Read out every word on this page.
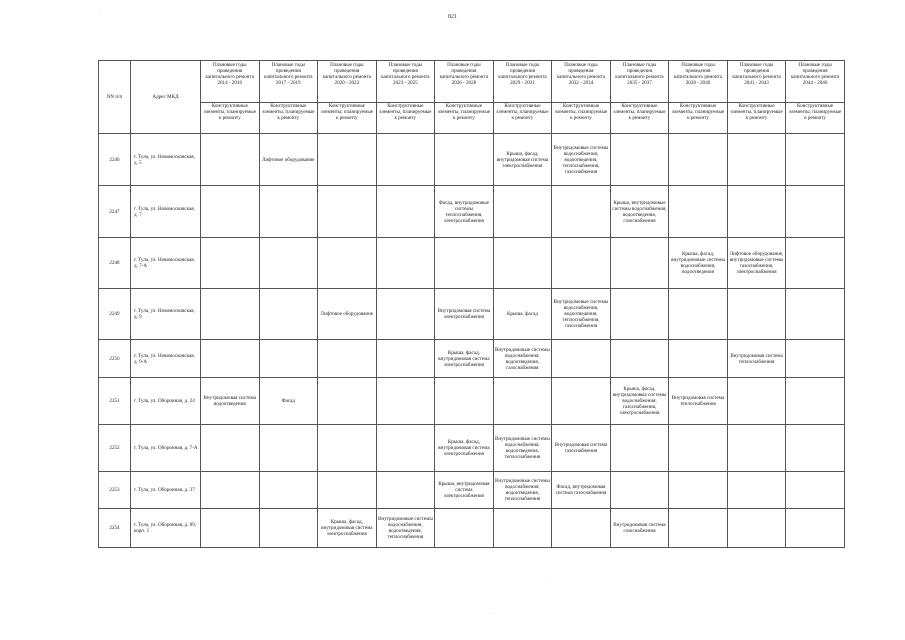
821
NN п/п	Адрес МКД	Плановые годы проведения капитального ремонта 2014 - 2016	Плановые годы проведения капитального ремонта 2017 - 2019	Плановые годы проведения капитального ремонта 2020 - 2022	Плановые годы проведения капитального ремонта 2023 - 2025	Плановые годы проведения капитального ремонта 2026 - 2028	Плановые годы проведения капитального ремонта 2029 - 2031	Плановые годы проведения капитального ремонта 2032 - 2034	Плановые годы проведения капитального ремонта 2035 - 2037	Плановые годы проведения капитального ремонта 2038 - 2040	Плановые годы проведения капитального ремонта 2041 - 2043	Плановые годы проведения капитального ремонта 2044 - 2046
		Конструктивные элементы, планируемые к ремонту	Конструктивные элементы, планируемые к ремонту	Конструктивные элементы, планируемые к ремонту	Конструктивные элементы, планируемые к ремонту	Конструктивные элементы, планируемые к ремонту	Конструктивные элементы, планируемые к ремонту	Конструктивные элементы, планируемые к ремонту	Конструктивные элементы, планируемые к ремонту	Конструктивные элементы, планируемые к ремонту	Конструктивные элементы, планируемые к ремонту	Конструктивные элементы, планируемые к ремонту
2246	г. Тула, ул. Новомосковская, д. 5		Лифтовое оборудование				Крыша, фасад, внутридомовая система электроснабжения	Внутридомовые системы водоснабжения, водоотведения, теплоснабжения, газоснабжения				
2247	г. Тула, ул. Новомосковская, д. 7					Фасад, внутридомовые системы теплоснабжения, электроснабжения			Крыша, внутридомовые системы водоснабжения, водоотведения, газоснабжения			
2248	г. Тула, ул. Новомосковская, д. 7-А									Крыша, фасад, внутридомовые системы водоснабжения, водоотведения	Лифтовое оборудование, внутридомовые системы газоснабжения, электроснабжения	
2249	г. Тула, ул. Новомосковская, д. 9			Лифтовое оборудование		Внутридомовая система электроснабжения	Крыша, фасад	Внутридомовые системы водоснабжения, водоотведения, теплоснабжения, газоснабжения				
2250	г. Тула, ул. Новомосковская, д. 9-А					Крыша, фасад, внутридомовая система электроснабжения	Внутридомовые системы водоснабжения, водоотведения, газоснабжения				Внутридомовая система теплоснабжения	
2251	г. Тула, ул. Оборонная, д. 24	Внутридомовая система водоотведения	Фасад						Крыша, фасад, внутридомовые системы водоснабжения, газоснабжения, электроснабжения	Внутридомовая система теплоснабжения		
2252	г. Тула, ул. Оборонная, д. 7-А					Крыша, фасад, внутридомовая система электроснабжения	Внутридомовые системы водоснабжения, водоотведения, теплоснабжения	Внутридомовая система газоснабжения				
2253	г. Тула, ул. Оборонная, д. 37					Крыша, внутридомовая система электроснабжения	Внутридомовые системы водоснабжения, водоотведения, теплоснабжения	Фасад, внутридомовая система газоснабжения				
2254	г. Тула, ул. Оборонная, д. 89, корп. 1			Крыша, фасад, внутридомовая система электроснабжения	Внутридомовые системы водоснабжения, водоотведения, теплоснабжения				Внутридомовая система газоснабжения			
·
·
·
